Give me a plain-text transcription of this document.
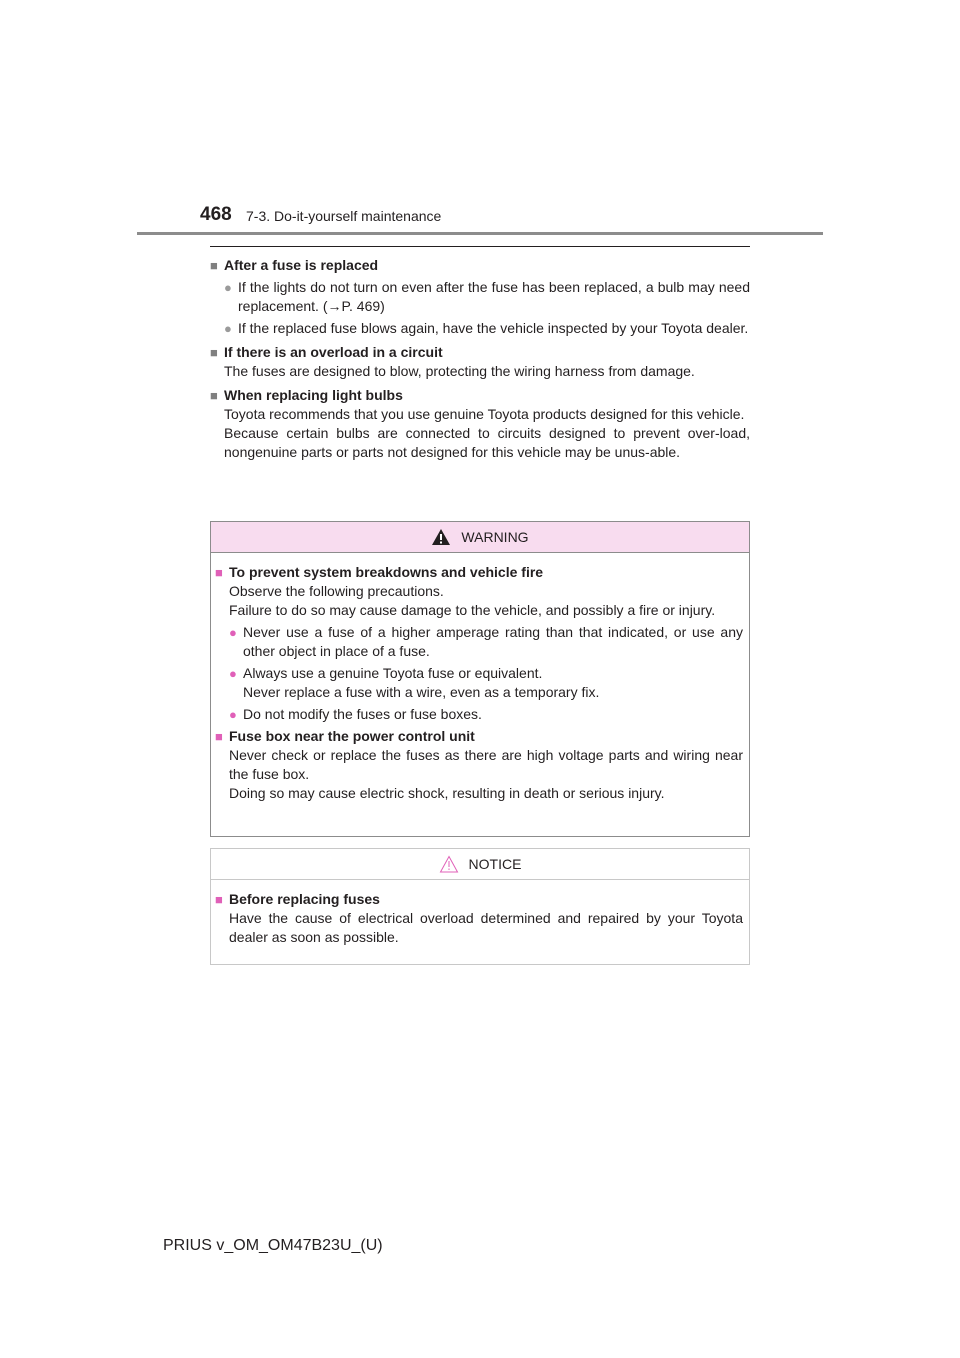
468 7-3. Do-it-yourself maintenance
■ After a fuse is replaced
● If the lights do not turn on even after the fuse has been replaced, a bulb may need replacement. (→P. 469)
● If the replaced fuse blows again, have the vehicle inspected by your Toyota dealer.
■ If there is an overload in a circuit
The fuses are designed to blow, protecting the wiring harness from damage.
■ When replacing light bulbs
Toyota recommends that you use genuine Toyota products designed for this vehicle.
Because certain bulbs are connected to circuits designed to prevent over-load, nongenuine parts or parts not designed for this vehicle may be unus-able.
WARNING
■ To prevent system breakdowns and vehicle fire
Observe the following precautions.
Failure to do so may cause damage to the vehicle, and possibly a fire or injury.
● Never use a fuse of a higher amperage rating than that indicated, or use any other object in place of a fuse.
● Always use a genuine Toyota fuse or equivalent.
Never replace a fuse with a wire, even as a temporary fix.
● Do not modify the fuses or fuse boxes.
■ Fuse box near the power control unit
Never check or replace the fuses as there are high voltage parts and wiring near the fuse box.
Doing so may cause electric shock, resulting in death or serious injury.
NOTICE
■ Before replacing fuses
Have the cause of electrical overload determined and repaired by your Toyota dealer as soon as possible.
PRIUS v_OM_OM47B23U_(U)
